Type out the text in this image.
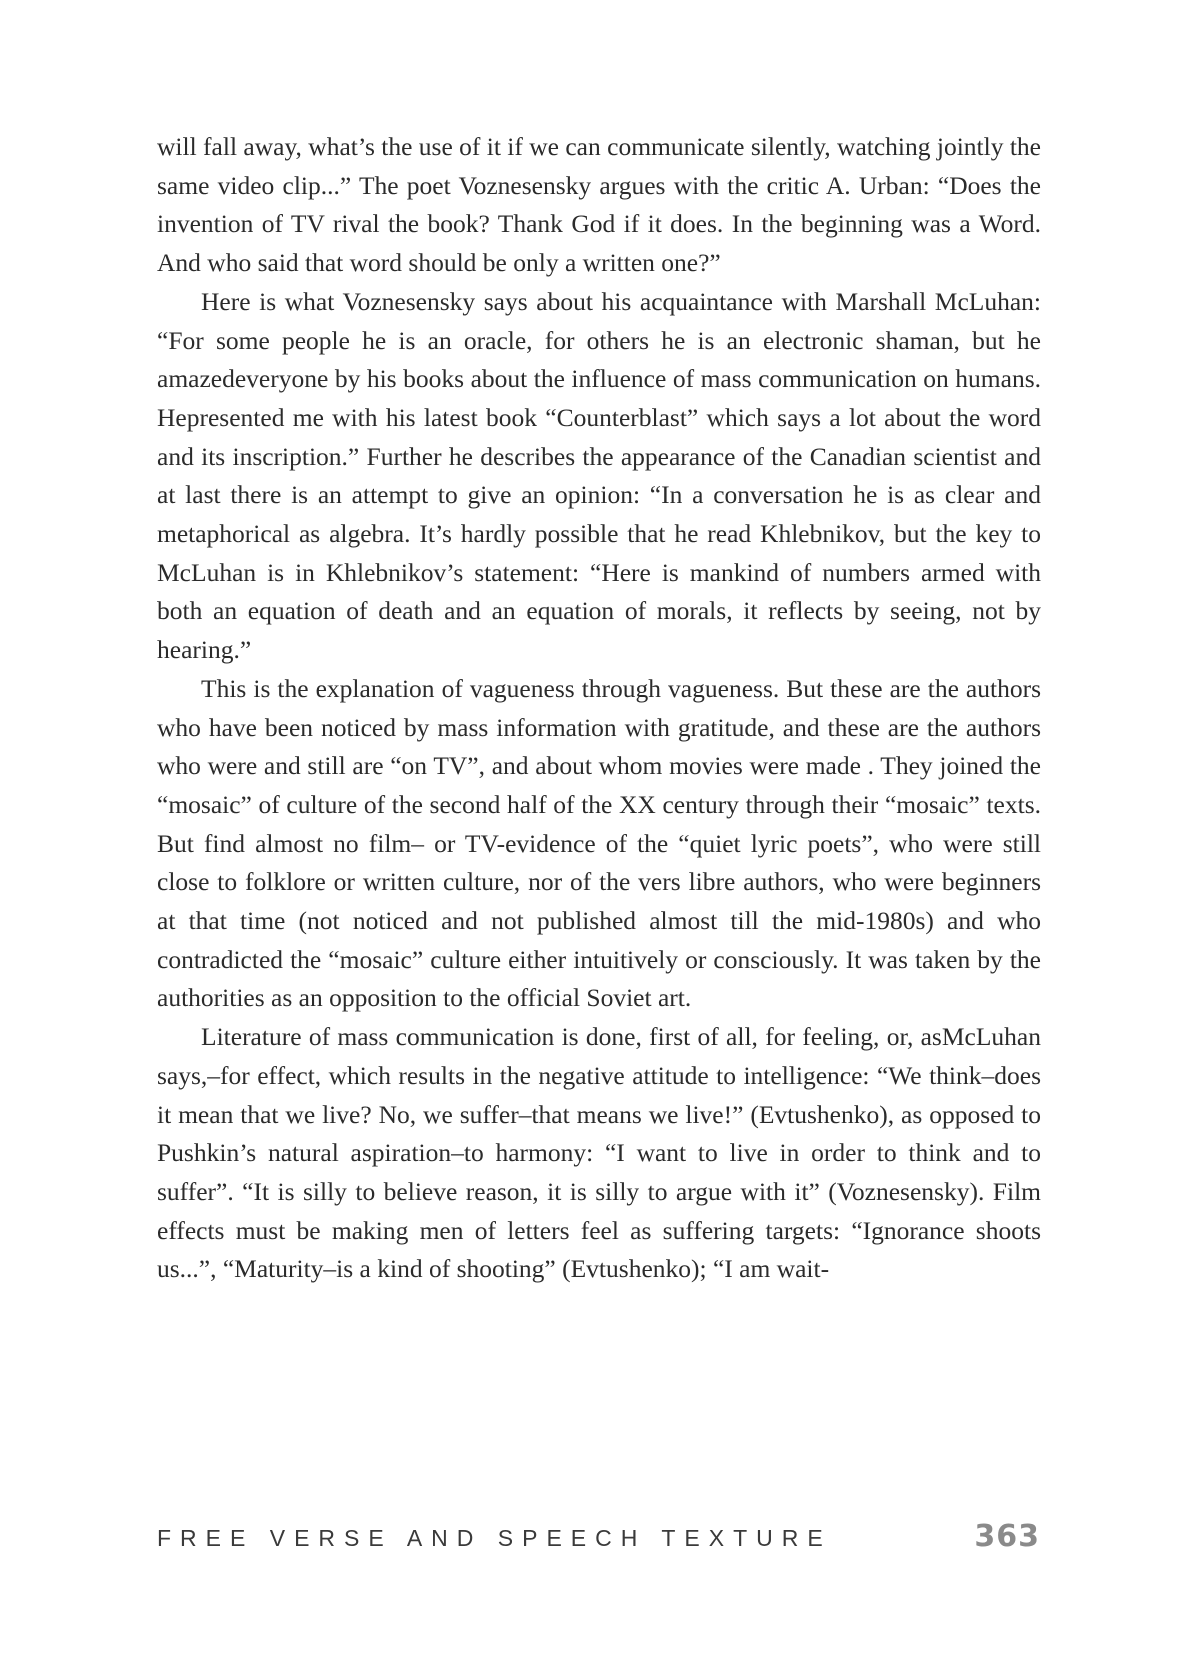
will fall away, what’s the use of it if we can communicate silently, watching jointly the same video clip...” The poet Voznesensky argues with the critic A. Urban: “Does the invention of TV rival the book? Thank God if it does. In the beginning was a Word. And who said that word should be only a written one?”

Here is what Voznesensky says about his acquaintance with Marshall McLuhan: “For some people he is an oracle, for others he is an electronic shaman, but he amazedeveryone by his books about the influence of mass communication on humans. Hepresented me with his latest book “Counterblast” which says a lot about the word and its inscription.” Further he describes the appearance of the Canadian scientist and at last there is an attempt to give an opinion: “In a conversation he is as clear and metaphorical as algebra. It’s hardly possible that he read Khlebnikov, but the key to McLuhan is in Khlebnikov’s statement: “Here is mankind of numbers armed with both an equation of death and an equation of morals, it reflects by seeing, not by hearing.”

This is the explanation of vagueness through vagueness. But these are the authors who have been noticed by mass information with gratitude, and these are the authors who were and still are “on TV”, and about whom movies were made . They joined the “mosaic” of culture of the second half of the XX century through their “mosaic” texts. But find almost no film– or TV-evidence of the “quiet lyric poets”, who were still close to folklore or written culture, nor of the vers libre authors, who were beginners at that time (not noticed and not published almost till the mid-1980s) and who contradicted the “mosaic” culture either intuitively or consciously. It was taken by the authorities as an opposition to the official Soviet art.

Literature of mass communication is done, first of all, for feeling, or, asMcLuhan says,–for effect, which results in the negative attitude to intelligence: “We think–does it mean that we live? No, we suffer–that means we live!” (Evtushenko), as opposed to Pushkin’s natural aspiration–to harmony: “I want to live in order to think and to suffer”. “It is silly to believe reason, it is silly to argue with it” (Voznesensky). Film effects must be making men of letters feel as suffering targets: “Ignorance shoots us...”, “Maturity–is a kind of shooting” (Evtushenko); “I am wait-

FREE VERSE AND SPEECH TEXTURE	363
